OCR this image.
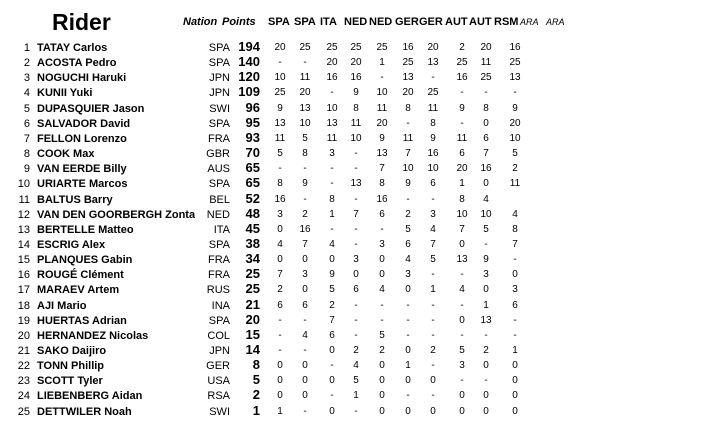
Rider	Nation Points SPA SPA ITA NED NED GER GER AUT AUT RSM ARA ARA
1 TATAY Carlos	SPA 194	20	25	25	25	25	16	20	2	20	16
2 ACOSTA Pedro	SPA 140	-	-	20	20	1	25	13	25	11	25
3 NOGUCHI Haruki	JPN 120	10	11	16	16	-	13	-	16	25	13
4 KUNII Yuki	JPN 109	25	20	-	9	10	20	25	-	-	-
5 DUPASQUIER Jason	SWI	96	9	13	10	8	11	8	11	9	8	9
6 SALVADOR David	SPA	95	13	10	13	11	20	-	8	-	0	20
7 FELLON Lorenzo	FRA	93	11	5	11	10	9	11	9	11	6	10
8 COOK Max	GBR	70	5	8	3	-	13	7	16	6	7	5
9 VAN EERDE Billy	AUS	65	-	-	-	-	7	10	10	20	16	2
10 URIARTE Marcos	SPA	65	8	9	-	13	8	9	6	1	0	11
11 BALTUS Barry	BEL	52	16	-	8	-	16	-	-	8	4
12 VAN DEN GOORBERGH Zonta	NED	48	3	2	1	7	6	2	3	10	10	4
13 BERTELLE Matteo	ITA	45	0	16	-	-	-	5	4	7	5	8
14 ESCRIG Alex	SPA	38	4	7	4	-	3	6	7	0	-	7
15 PLANQUES Gabin	FRA	34	0	0	0	3	0	4	5	13	9	-
16 ROUGÉ Clément	FRA	25	7	3	9	0	0	3	-	-	3	0
17 MARAEV Artem	RUS	25	2	0	5	6	4	0	1	4	0	3
18 AJI Mario	INA	21	6	6	2	-	-	-	-	-	1	6
19 HUERTAS Adrian	SPA	20	-	-	7	-	-	-	-	0	13	-
20 HERNANDEZ Nicolas	COL	15	-	4	6	-	5	-	-	-	-	-
21 SAKO Daijiro	JPN	14	-	-	0	2	2	0	2	5	2	1
22 TONN Phillip	GER	8	0	0	-	4	0	1	-	3	0	0
23 SCOTT Tyler	USA	5	0	0	0	5	0	0	0	-	-	0
24 LIEBENBERG Aidan	RSA	2	0	0	-	1	0	-	-	0	0	0
25 DETTWILER Noah	SWI	1	1	-	0	-	0	0	0	0	0	0
